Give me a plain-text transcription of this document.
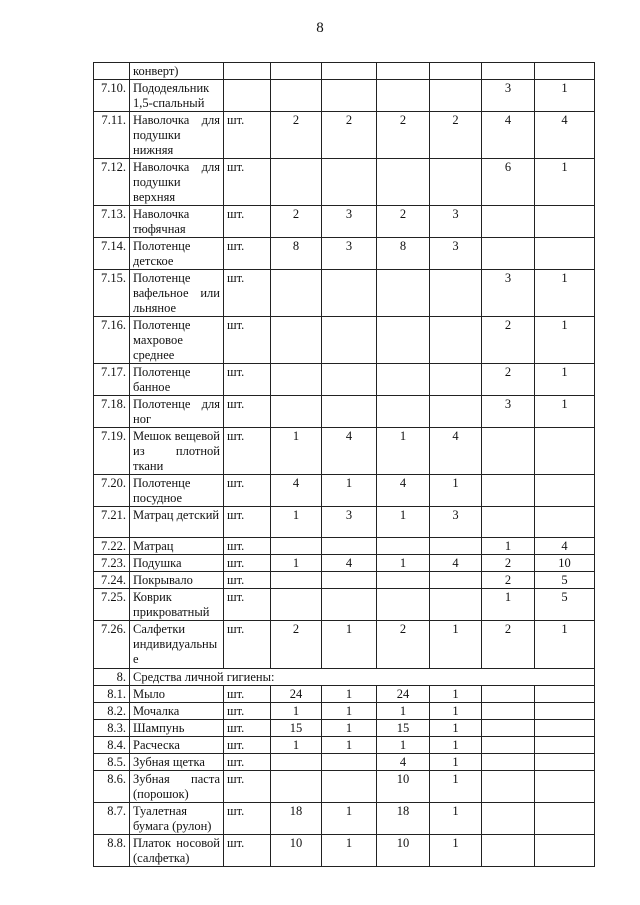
8
	конверт)							
7.10.	Пододеяльник 1,5-спальный						3	1
7.11.	Наволочка для подушки нижняя	шт.	2	2	2	2	4	4
7.12.	Наволочка для подушки верхняя	шт.					6	1
7.13.	Наволочка тюфячная	шт.	2	3	2	3		
7.14.	Полотенце детское	шт.	8	3	8	3		
7.15.	Полотенце вафельное или льняное	шт.					3	1
7.16.	Полотенце махровое среднее	шт.					2	1
7.17.	Полотенце банное	шт.					2	1
7.18.	Полотенце для ног	шт.					3	1
7.19.	Мешок вещевой из плотной ткани	шт.	1	4	1	4		
7.20.	Полотенце посудное	шт.	4	1	4	1		
7.21.	Матрац детский	шт.	1	3	1	3		
7.22.	Матрац	шт.					1	4
7.23.	Подушка	шт.	1	4	1	4	2	10
7.24.	Покрывало	шт.					2	5
7.25.	Коврик прикроватный	шт.					1	5
7.26.	Салфетки индивидуальны е	шт.	2	1	2	1	2	1
8.	Средства личной гигиены:							
8.1.	Мыло	шт.	24	1	24	1		
8.2.	Мочалка	шт.	1	1	1	1		
8.3.	Шампунь	шт.	15	1	15	1		
8.4.	Расческа	шт.	1	1	1	1		
8.5.	Зубная щетка	шт.			4	1		
8.6.	Зубная паста (порошок)	шт.			10	1		
8.7.	Туалетная бумага (рулон)	шт.	18	1	18	1		
8.8.	Платок носовой (салфетка)	шт.	10	1	10	1		
